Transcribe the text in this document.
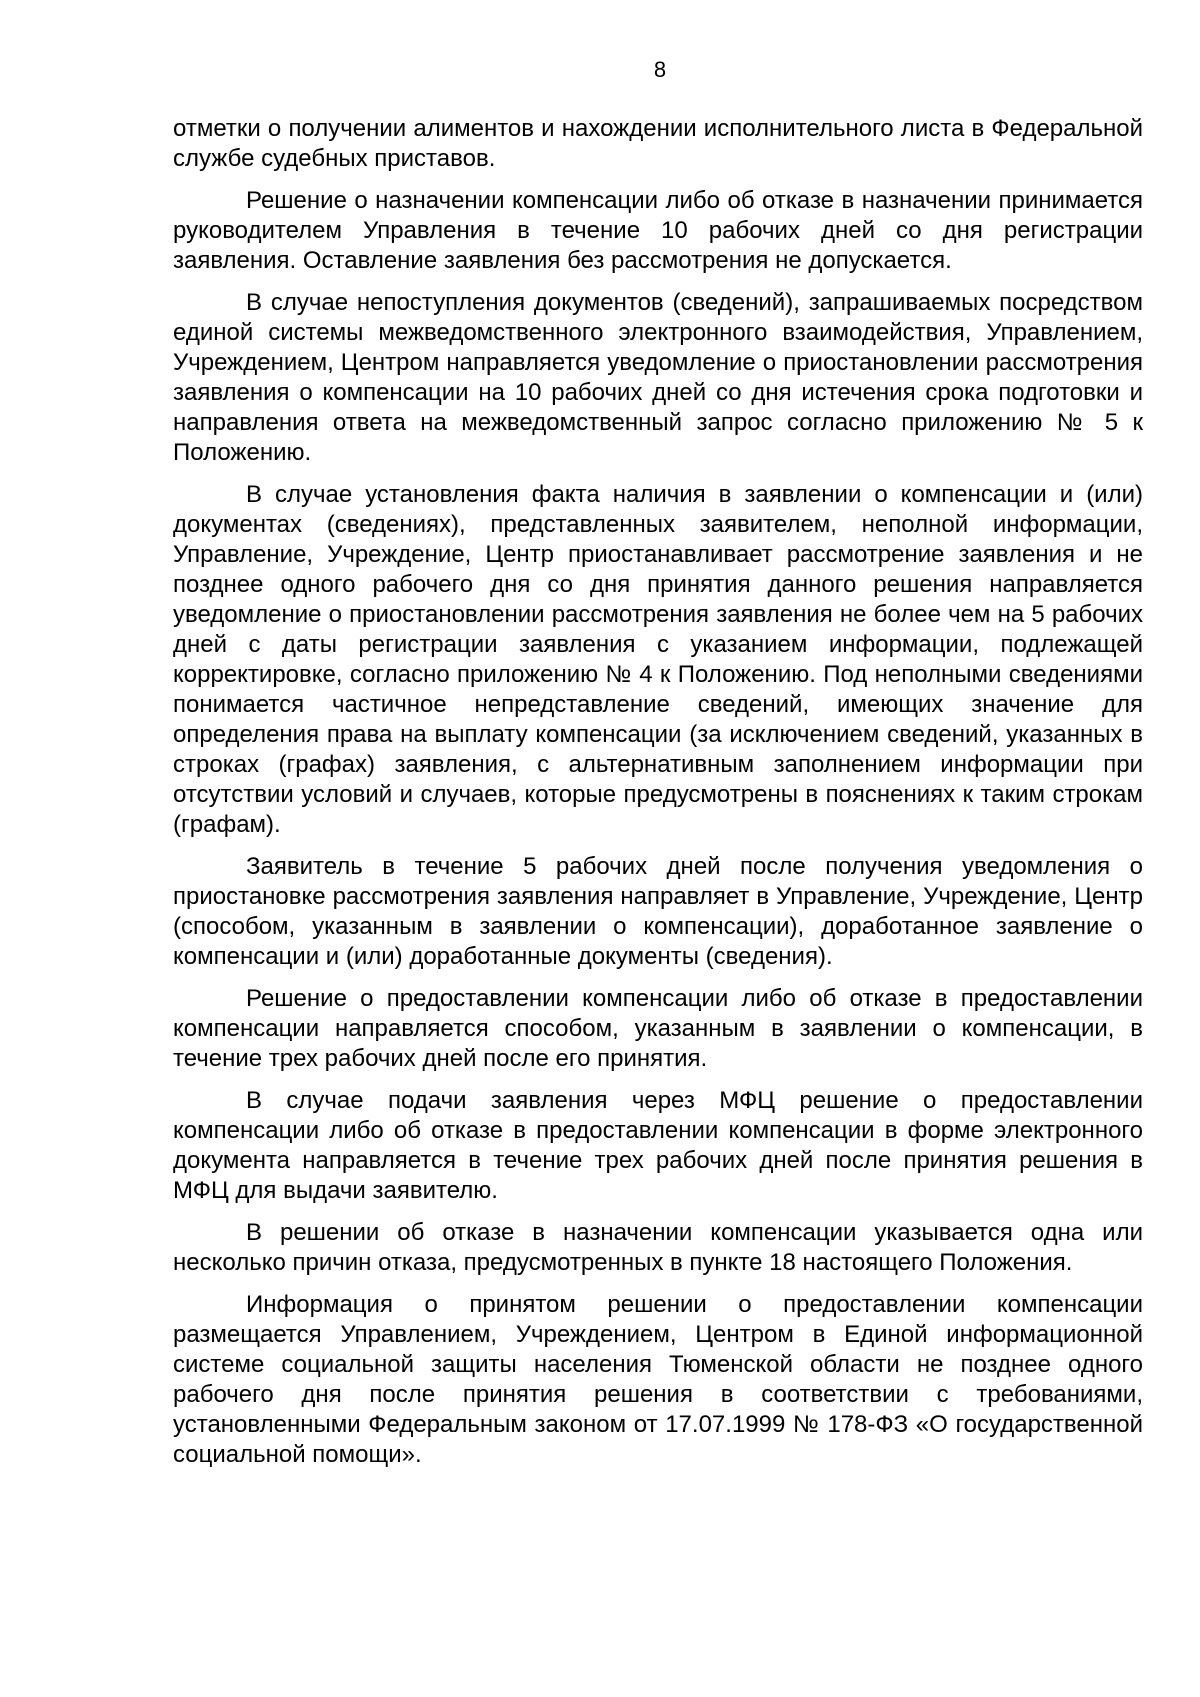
8

отметки о получении алиментов и нахождении исполнительного листа в Федеральной службе судебных приставов.

Решение о назначении компенсации либо об отказе в назначении принимается руководителем Управления в течение 10 рабочих дней со дня регистрации заявления. Оставление заявления без рассмотрения не допускается.

В случае непоступления документов (сведений), запрашиваемых посредством единой системы межведомственного электронного взаимодействия, Управлением, Учреждением, Центром направляется уведомление о приостановлении рассмотрения заявления о компенсации на 10 рабочих дней со дня истечения срока подготовки и направления ответа на межведомственный запрос согласно приложению № 5 к Положению.

В случае установления факта наличия в заявлении о компенсации и (или) документах (сведениях), представленных заявителем, неполной информации, Управление, Учреждение, Центр приостанавливает рассмотрение заявления и не позднее одного рабочего дня со дня принятия данного решения направляется уведомление о приостановлении рассмотрения заявления не более чем на 5 рабочих дней с даты регистрации заявления с указанием информации, подлежащей корректировке, согласно приложению № 4 к Положению. Под неполными сведениями понимается частичное непредставление сведений, имеющих значение для определения права на выплату компенсации (за исключением сведений, указанных в строках (графах) заявления, с альтернативным заполнением информации при отсутствии условий и случаев, которые предусмотрены в пояснениях к таким строкам (графам).

Заявитель в течение 5 рабочих дней после получения уведомления о приостановке рассмотрения заявления направляет в Управление, Учреждение, Центр (способом, указанным в заявлении о компенсации), доработанное заявление о компенсации и (или) доработанные документы (сведения).

Решение о предоставлении компенсации либо об отказе в предоставлении компенсации направляется способом, указанным в заявлении о компенсации, в течение трех рабочих дней после его принятия.

В случае подачи заявления через МФЦ решение о предоставлении компенсации либо об отказе в предоставлении компенсации в форме электронного документа направляется в течение трех рабочих дней после принятия решения в МФЦ для выдачи заявителю.

В решении об отказе в назначении компенсации указывается одна или несколько причин отказа, предусмотренных в пункте 18 настоящего Положения.

Информация о принятом решении о предоставлении компенсации размещается Управлением, Учреждением, Центром в Единой информационной системе социальной защиты населения Тюменской области не позднее одного рабочего дня после принятия решения в соответствии с требованиями, установленными Федеральным законом от 17.07.1999 № 178-ФЗ «О государственной социальной помощи».
